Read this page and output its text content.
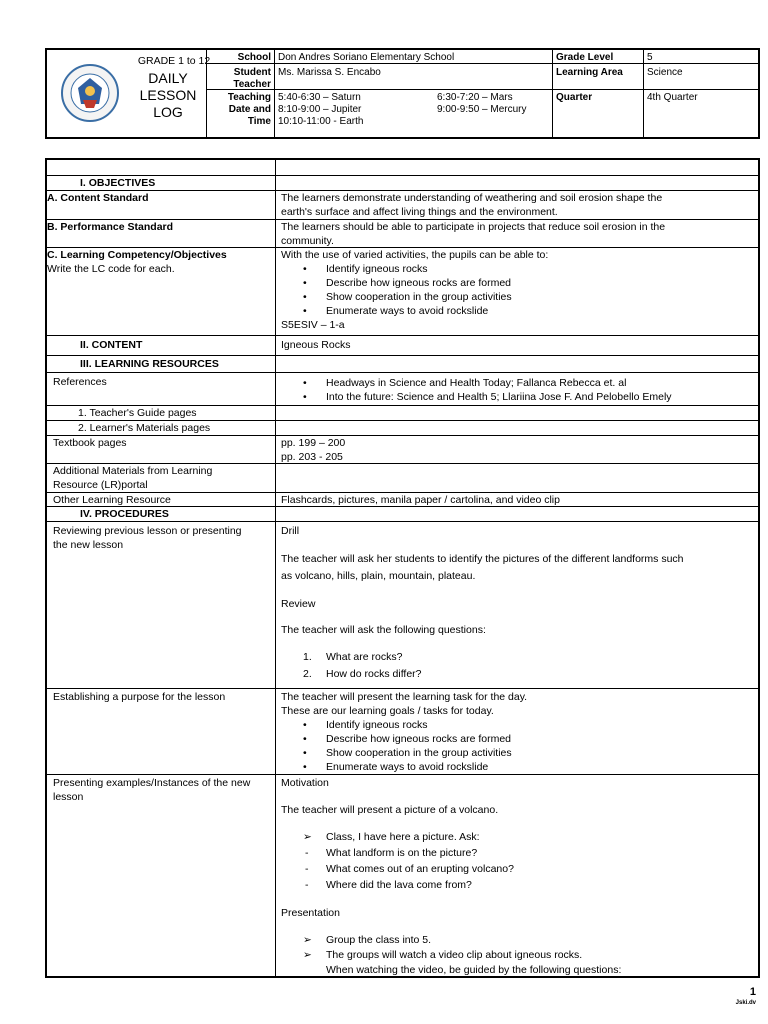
GRADE 1 to 12
DAILY
LESSON
LOG
School
Student
Teacher
Teaching
Date and
Time
Don Andres Soriano Elementary School
Ms. Marissa S. Encabo
5:40-6:30 – Saturn
8:10-9:00 – Jupiter
10:10-11:00 - Earth
6:30-7:20 – Mars
9:00-9:50 – Mercury
Grade Level
Learning Area
Quarter
5
Science
4th Quarter
I. OBJECTIVES
A. Content Standard	The learners demonstrate understanding of weathering and soil erosion shape the
earth's surface and affect living things and the environment.
B. Performance Standard	The learners should be able to participate in projects that reduce soil erosion in the
community.
C. Learning Competency/Objectives
Write the LC code for each.
With the use of varied activities, the pupils can be able to:
• Identify igneous rocks
• Describe how igneous rocks are formed
• Show cooperation in the group activities
• Enumerate ways to avoid rockslide
S5ESIV – 1-a
II. CONTENT	Igneous Rocks
III. LEARNING RESOURCES
References
•	Headways in Science and Health Today; Fallanca Rebecca et. al
• Into the future: Science and Health 5; Llariina Jose F. And Pelobello Emely
1. Teacher's Guide pages
2. Learner's Materials pages
Textbook pages	pp. 199 – 200
pp. 203 - 205
Additional Materials from Learning
Resource (LR)portal
Other Learning Resource	Flashcards, pictures, manila paper / cartolina, and video clip
IV. PROCEDURES
Reviewing previous lesson or presenting
the new lesson
Drill
The teacher will ask her students to identify the pictures of the different landforms such
as volcano, hills, plain, mountain, plateau.
Review
The teacher will ask the following questions:
1. What are rocks?
2. How do rocks differ?
Establishing a purpose for the lesson	The teacher will present the learning task for the day.
These are our learning goals / tasks for today.
• Identify igneous rocks
• Describe how igneous rocks are formed
• Show cooperation in the group activities
• Enumerate ways to avoid rockslide
Presenting examples/Instances of the new
lesson
Motivation
The teacher will present a picture of a volcano.
➢ Class, I have here a picture. Ask:
- What landform is on the picture?
- What comes out of an erupting volcano?
- Where did the lava come from?
Presentation
➢ Group the class into 5.
➢ The groups will watch a video clip about igneous rocks.
When watching the video, be guided by the following questions:
1
Jski.dv
